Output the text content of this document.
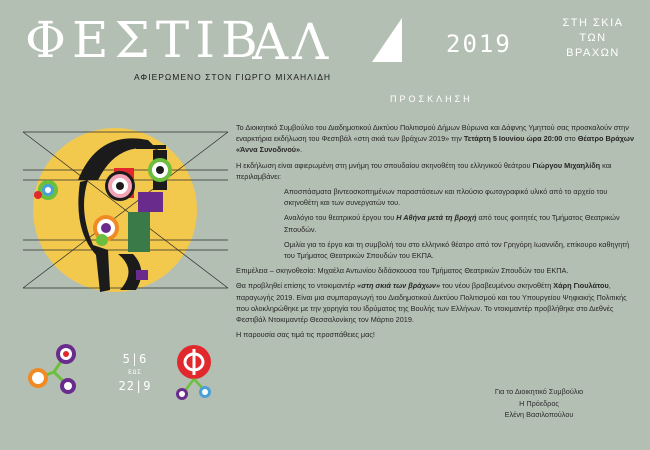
ΦΕΣΤΙΒ
ΑΛ
ΑΦΙΕΡΩΜΕΝΟ ΣΤΟΝ ΓΙΩΡΓΟ ΜΙΧΑΗΛΙΔΗ
2019
ΣΤΗ ΣΚΙΑ
ΤΩΝ
ΒΡΑΧΩΝ
ΠΡΟΣΚΛΗΣΗ

Το Διοικητικό Συμβούλιο του Διαδημοτικού Δικτύου Πολιτισμού Δήμων Βύρωνα και Δάφνης Υμηττού σας προσκαλούν στην εναρκτήρια εκδήλωση του Φεστιβάλ «στη σκιά των βράχων 2019» την Τετάρτη 5 Ιουνίου ώρα 20:00 στο Θέατρο Βράχων «Άννα Συνοδινού».

Η εκδήλωση είναι αφιερωμένη στη μνήμη του σπουδαίου σκηνοθέτη του ελληνικού θεάτρου Γιώργου Μιχαηλίδη και περιλαμβάνει:

Αποσπάσματα βιντεοσκοπημένων παραστάσεων και πλούσιο φωτογραφικό υλικό από το αρχείο του σκηνοθέτη και των συνεργατών του.

Αναλόγιο του θεατρικού έργου του Η Αθήνα μετά τη βροχή από τους φοιτητές του Τμήματος Θεατρικών Σπουδών.

Ομιλία για το έργο και τη συμβολή του στο ελληνικό θέατρο από τον Γρηγόρη Ιωαννίδη, επίκουρο καθηγητή του Τμήματος Θεατρικών Σπουδών του ΕΚΠΑ.

Επιμέλεια – σκηνοθεσία: Μιχαέλα Αντωνίου διδάσκουσα του Τμήματος Θεατρικών Σπουδών του ΕΚΠΑ.

Θα προβληθεί επίσης το ντοκιμαντέρ «στη σκιά των βράχων» του νέου βραβευμένου σκηνοθέτη Χάρη Γιουλάτου, παραγωγής 2019. Είναι μια συμπαραγωγή του Διαδημοτικού Δικτύου Πολιτισμού και του Υπουργείου Ψηφιακής Πολιτικής που ολοκληρώθηκε με την χορηγία του Ιδρύματος της Βουλής των Ελλήνων. Το ντοκιμαντέρ προβλήθηκε στο Διεθνές Φεστιβάλ Ντοκιμαντέρ Θεσσαλονίκης τον Μάρτιο 2019.

Η παρουσία σας τιμά τις προσπάθειες μας!

Για το Διοικητικό Συμβούλιο
Η Πρόεδρος
Ελένη Βασιλοπούλου
5|6
ΕΩΣ
22|9
